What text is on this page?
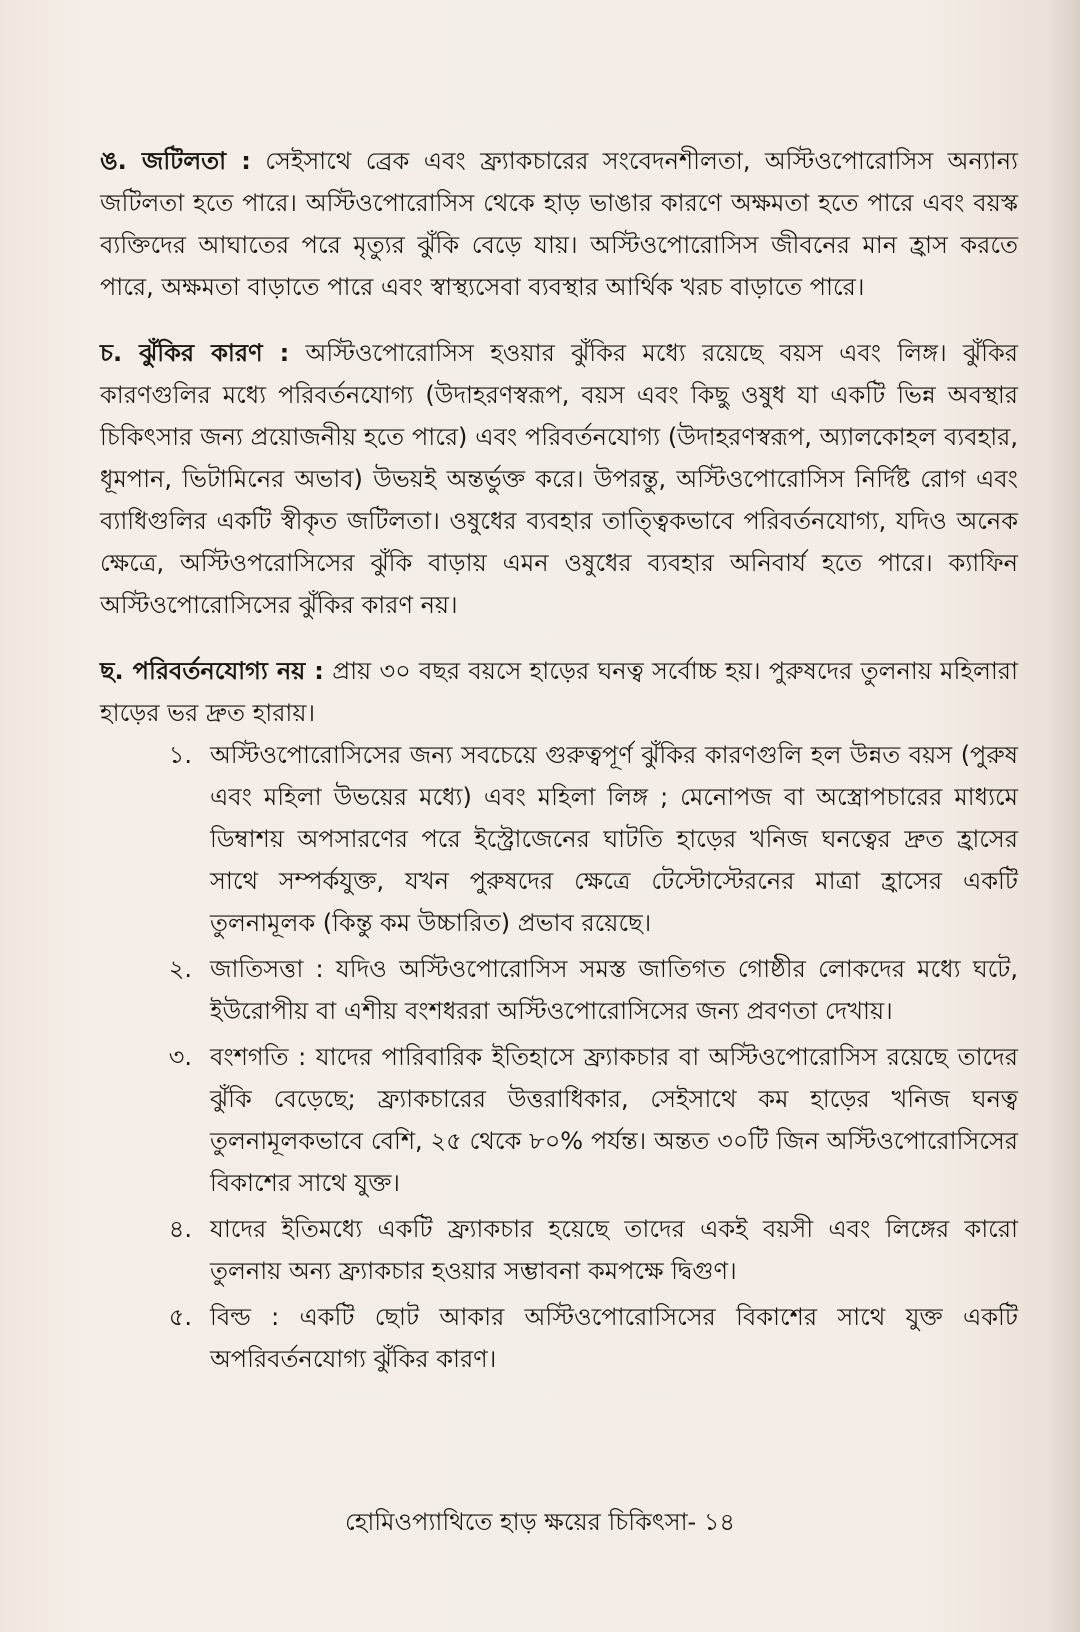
ঙ. জটিলতা : সেইসাথে ব্রেক এবং ফ্র্যাকচারের সংবেদনশীলতা, অস্টিওপোরোসিস অন্যান্য জটিলতা হতে পারে। অস্টিওপোরোসিস থেকে হাড় ভাঙার কারণে অক্ষমতা হতে পারে এবং বয়স্ক ব্যক্তিদের আঘাতের পরে মৃত্যুর ঝুঁকি বেড়ে যায়। অস্টিওপোরোসিস জীবনের মান হ্রাস করতে পারে, অক্ষমতা বাড়াতে পারে এবং স্বাস্থ্যসেবা ব্যবস্থার আর্থিক খরচ বাড়াতে পারে।

চ. ঝুঁকির কারণ : অস্টিওপোরোসিস হওয়ার ঝুঁকির মধ্যে রয়েছে বয়স এবং লিঙ্গ। ঝুঁকির কারণগুলির মধ্যে পরিবর্তনযোগ্য (উদাহরণস্বরূপ, বয়স এবং কিছু ওষুধ যা একটি ভিন্ন অবস্থার চিকিৎসার জন্য প্রয়োজনীয় হতে পারে) এবং পরিবর্তনযোগ্য (উদাহরণস্বরূপ, অ্যালকোহল ব্যবহার, ধূমপান, ভিটামিনের অভাব) উভয়ই অন্তর্ভুক্ত করে। উপরন্তু, অস্টিওপোরোসিস নির্দিষ্ট রোগ এবং ব্যাধিগুলির একটি স্বীকৃত জটিলতা। ওষুধের ব্যবহার তাত্ত্বিকভাবে পরিবর্তনযোগ্য, যদিও অনেক ক্ষেত্রে, অস্টিওপরোসিসের ঝুঁকি বাড়ায় এমন ওষুধের ব্যবহার অনিবার্য হতে পারে। ক্যাফিন অস্টিওপোরোসিসের ঝুঁকির কারণ নয়।

ছ. পরিবর্তনযোগ্য নয় : প্রায় ৩০ বছর বয়সে হাড়ের ঘনত্ব সর্বোচ্চ হয়। পুরুষদের তুলনায় মহিলারা হাড়ের ভর দ্রুত হারায়।

১. অস্টিওপোরোসিসের জন্য সবচেয়ে গুরুত্বপূর্ণ ঝুঁকির কারণগুলি হল উন্নত বয়স (পুরুষ এবং মহিলা উভয়ের মধ্যে) এবং মহিলা লিঙ্গ ; মেনোপজ বা অস্ত্রোপচারের মাধ্যমে ডিম্বাশয় অপসারণের পরে ইস্ট্রোজেনের ঘাটতি হাড়ের খনিজ ঘনত্বের দ্রুত হ্রাসের সাথে সম্পর্কযুক্ত, যখন পুরুষদের ক্ষেত্রে টেস্টোস্টেরনের মাত্রা হ্রাসের একটি তুলনামূলক (কিন্তু কম উচ্চারিত) প্রভাব রয়েছে।

২. জাতিসত্তা : যদিও অস্টিওপোরোসিস সমস্ত জাতিগত গোষ্ঠীর লোকদের মধ্যে ঘটে, ইউরোপীয় বা এশীয় বংশধররা অস্টিওপোরোসিসের জন্য প্রবণতা দেখায়।

৩. বংশগতি : যাদের পারিবারিক ইতিহাসে ফ্র্যাকচার বা অস্টিওপোরোসিস রয়েছে তাদের ঝুঁকি বেড়েছে; ফ্র্যাকচারের উত্তরাধিকার, সেইসাথে কম হাড়ের খনিজ ঘনত্ব তুলনামূলকভাবে বেশি, ২৫ থেকে ৮০% পর্যন্ত। অন্তত ৩০টি জিন অস্টিওপোরোসিসের বিকাশের সাথে যুক্ত।

৪. যাদের ইতিমধ্যে একটি ফ্র্যাকচার হয়েছে তাদের একই বয়সী এবং লিঙ্গের কারো তুলনায় অন্য ফ্র্যাকচার হওয়ার সম্ভাবনা কমপক্ষে দ্বিগুণ।

৫. বিল্ড : একটি ছোট আকার অস্টিওপোরোসিসের বিকাশের সাথে যুক্ত একটি অপরিবর্তনযোগ্য ঝুঁকির কারণ।

হোমিওপ্যাথিতে হাড় ক্ষয়ের চিকিৎসা- ১৪
